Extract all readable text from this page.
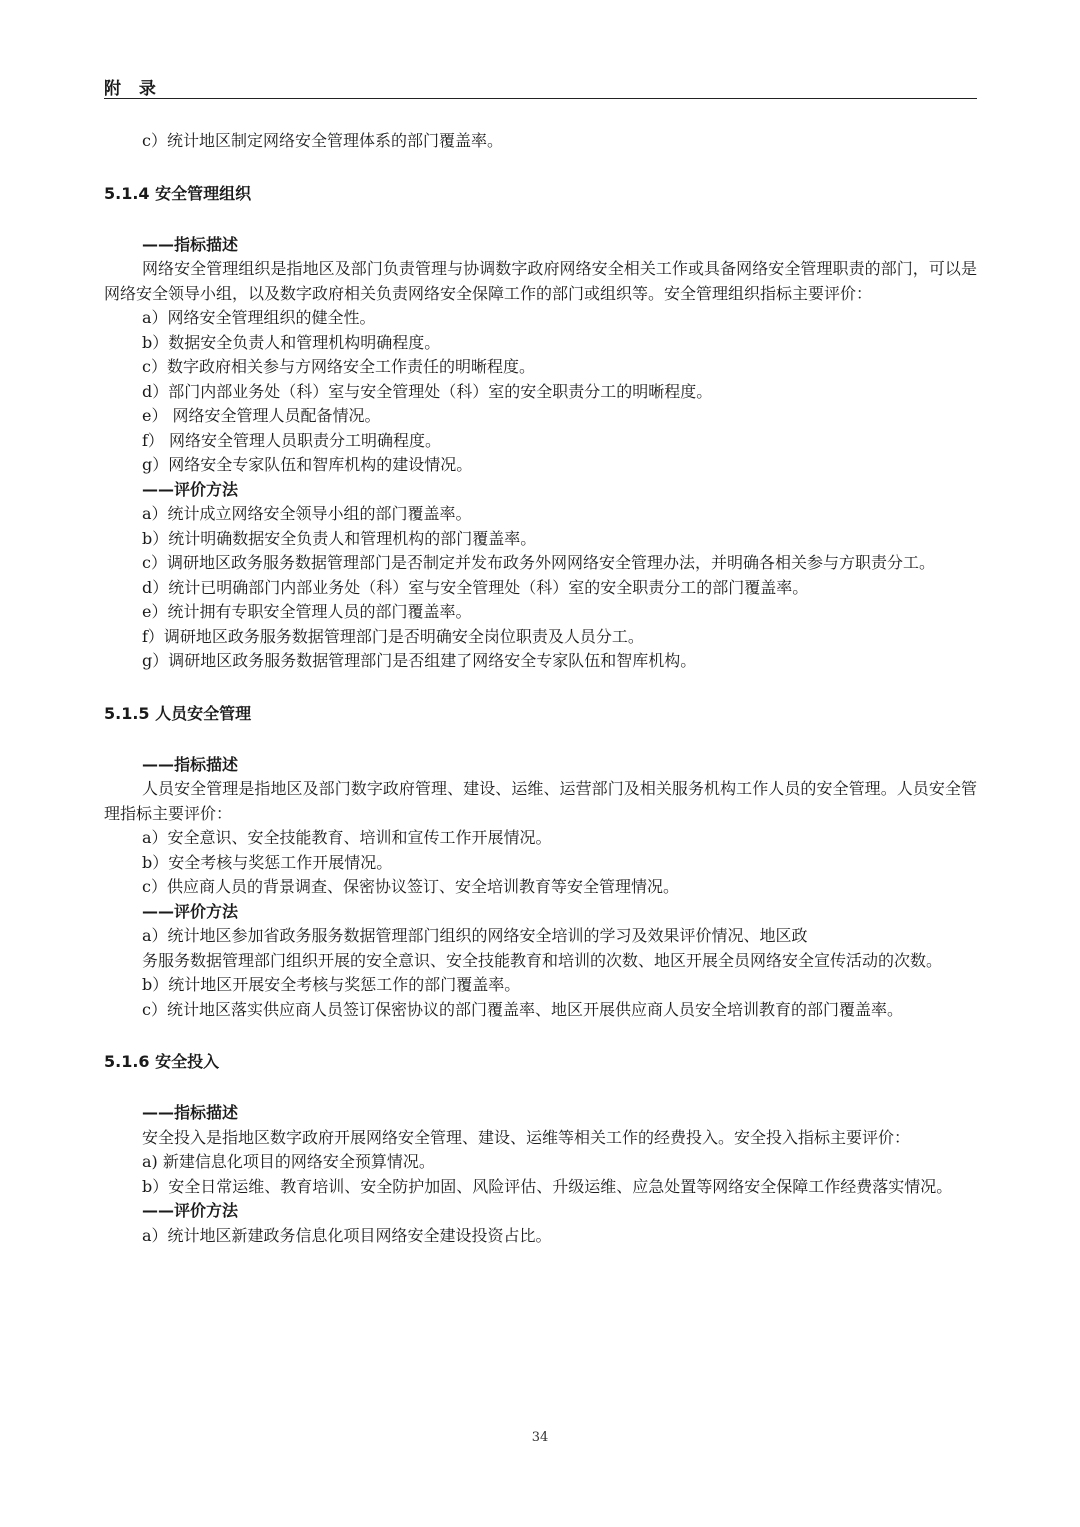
附 录
c）统计地区制定网络安全管理体系的部门覆盖率。
5.1.4 安全管理组织
——指标描述
网络安全管理组织是指地区及部门负责管理与协调数字政府网络安全相关工作或具备网络安全管理职责的部门，可以是网络安全领导小组，以及数字政府相关负责网络安全保障工作的部门或组织等。安全管理组织指标主要评价：
a）网络安全管理组织的健全性。
b）数据安全负责人和管理机构明确程度。
c）数字政府相关参与方网络安全工作责任的明晰程度。
d）部门内部业务处（科）室与安全管理处（科）室的安全职责分工的明晰程度。
e） 网络安全管理人员配备情况。
f） 网络安全管理人员职责分工明确程度。
g）网络安全专家队伍和智库机构的建设情况。
——评价方法
a）统计成立网络安全领导小组的部门覆盖率。
b）统计明确数据安全负责人和管理机构的部门覆盖率。
c）调研地区政务服务数据管理部门是否制定并发布政务外网网络安全管理办法，并明确各相关参与方职责分工。
d）统计已明确部门内部业务处（科）室与安全管理处（科）室的安全职责分工的部门覆盖率。
e）统计拥有专职安全管理人员的部门覆盖率。
f）调研地区政务服务数据管理部门是否明确安全岗位职责及人员分工。
g）调研地区政务服务数据管理部门是否组建了网络安全专家队伍和智库机构。
5.1.5 人员安全管理
——指标描述
人员安全管理是指地区及部门数字政府管理、建设、运维、运营部门及相关服务机构工作人员的安全管理。人员安全管理指标主要评价：
a）安全意识、安全技能教育、培训和宣传工作开展情况。
b）安全考核与奖惩工作开展情况。
c）供应商人员的背景调查、保密协议签订、安全培训教育等安全管理情况。
——评价方法
a）统计地区参加省政务服务数据管理部门组织的网络安全培训的学习及效果评价情况、地区政
务服务数据管理部门组织开展的安全意识、安全技能教育和培训的次数、地区开展全员网络安全宣传活动的次数。
b）统计地区开展安全考核与奖惩工作的部门覆盖率。
c）统计地区落实供应商人员签订保密协议的部门覆盖率、地区开展供应商人员安全培训教育的部门覆盖率。
5.1.6 安全投入
——指标描述
安全投入是指地区数字政府开展网络安全管理、建设、运维等相关工作的经费投入。安全投入指标主要评价：
a) 新建信息化项目的网络安全预算情况。
b）安全日常运维、教育培训、安全防护加固、风险评估、升级运维、应急处置等网络安全保障工作经费落实情况。
——评价方法
a）统计地区新建政务信息化项目网络安全建设投资占比。
34
